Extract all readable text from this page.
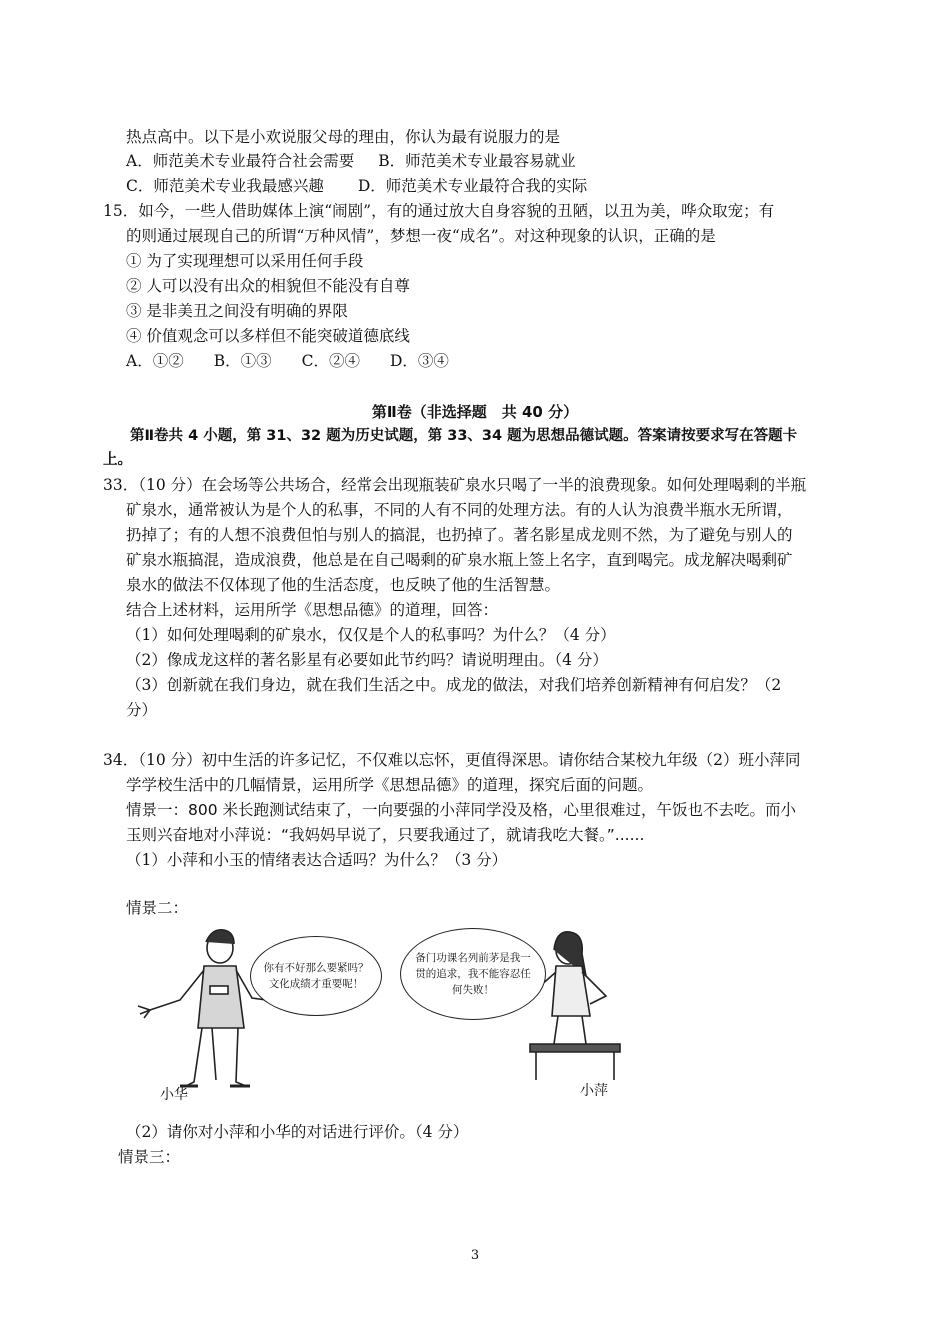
热点高中。以下是小欢说服父母的理由，你认为最有说服力的是
A．师范美术专业最符合社会需要 B．师范美术专业最容易就业
C．师范美术专业我最感兴趣 D．师范美术专业最符合我的实际
15．如今，一些人借助媒体上演“闹剧”，有的通过放大自身容貌的丑陋，以丑为美，哗众取宠；有
的则通过展现自己的所谓“万种风情”，梦想一夜“成名”。对这种现象的认识，正确的是
① 为了实现理想可以采用任何手段
② 人可以没有出众的相貌但不能没有自尊
③ 是非美丑之间没有明确的界限
④ 价值观念可以多样但不能突破道德底线
A．①② B．①③ C．②④ D．③④
第Ⅱ卷（非选择题　共 40 分）
第Ⅱ卷共 4 小题，第 31、32 题为历史试题，第 33、34 题为思想品德试题。答案请按要求写在答题卡
上。
33．（10 分）在会场等公共场合，经常会出现瓶装矿泉水只喝了一半的浪费现象。如何处理喝剩的半瓶
矿泉水，通常被认为是个人的私事，不同的人有不同的处理方法。有的人认为浪费半瓶水无所谓，
扔掉了；有的人想不浪费但怕与别人的搞混，也扔掉了。著名影星成龙则不然，为了避免与别人的
矿泉水瓶搞混，造成浪费，他总是在自己喝剩的矿泉水瓶上签上名字，直到喝完。成龙解决喝剩矿
泉水的做法不仅体现了他的生活态度，也反映了他的生活智慧。
结合上述材料，运用所学《思想品德》的道理，回答：
（1）如何处理喝剩的矿泉水，仅仅是个人的私事吗？为什么？（4 分）
（2）像成龙这样的著名影星有必要如此节约吗？请说明理由。（4 分）
（3）创新就在我们身边，就在我们生活之中。成龙的做法，对我们培养创新精神有何启发？（2
分）
34．（10 分）初中生活的许多记忆，不仅难以忘怀，更值得深思。请你结合某校九年级（2）班小萍同
学学校生活中的几幅情景，运用所学《思想品德》的道理，探究后面的问题。
情景一：800 米长跑测试结束了，一向要强的小萍同学没及格，心里很难过，午饭也不去吃。而小
玉则兴奋地对小萍说：“我妈妈早说了，只要我通过了，就请我吃大餐。”......
（1）小萍和小玉的情绪表达合适吗？为什么？（3 分）
情景二：
你有不好那么要紧吗？文化成绩才重要呢！
备门功课名列前茅是我一贯的追求，我不能容忍任何失败！
小华	小萍
（2）请你对小萍和小华的对话进行评价。（4 分）
情景三：
3
